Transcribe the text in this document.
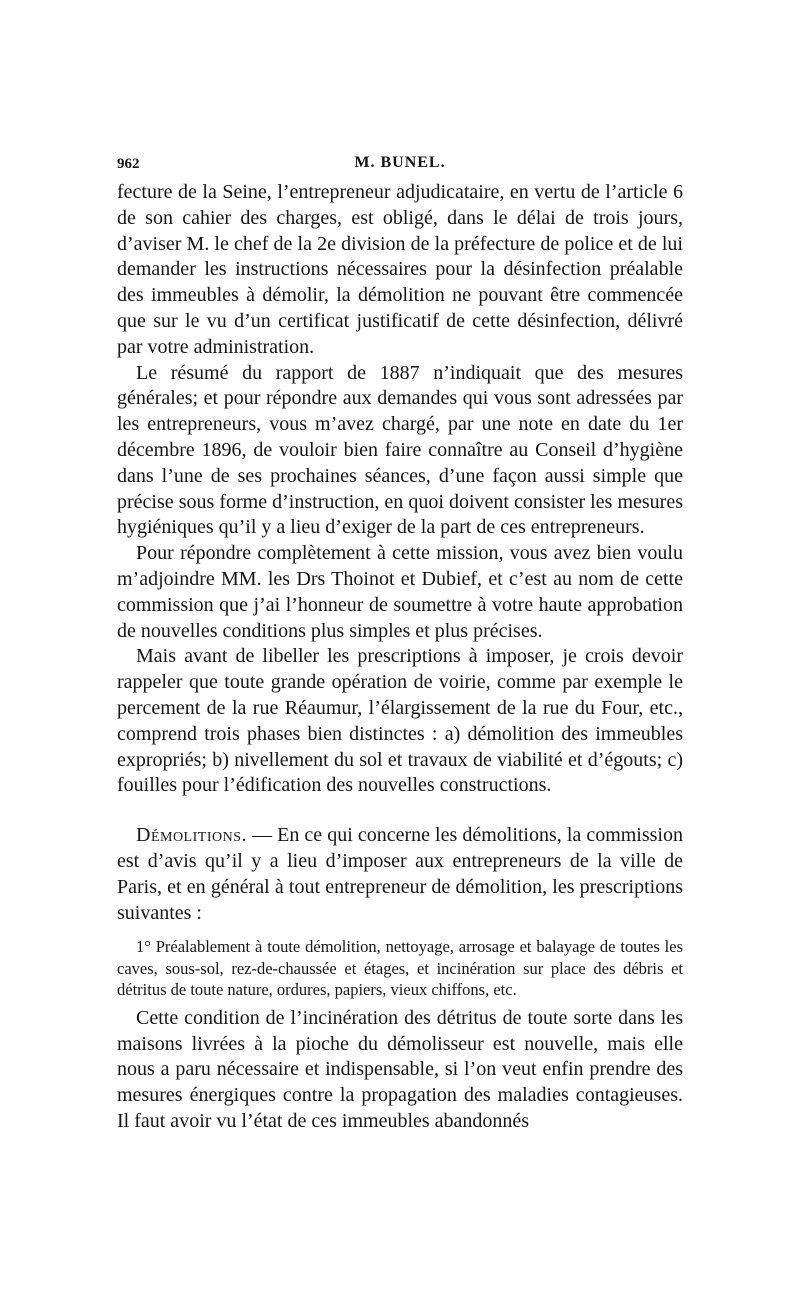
962	M. BUNEL.

fecture de la Seine, l’entrepreneur adjudicataire, en vertu de l’article 6 de son cahier des charges, est obligé, dans le délai de trois jours, d’aviser M. le chef de la 2e division de la préfecture de police et de lui demander les instructions nécessaires pour la désinfection préalable des immeubles à démolir, la démolition ne pouvant être commencée que sur le vu d’un certificat justificatif de cette désinfection, délivré par votre administration.

Le résumé du rapport de 1887 n’indiquait que des mesures générales; et pour répondre aux demandes qui vous sont adressées par les entrepreneurs, vous m’avez chargé, par une note en date du 1er décembre 1896, de vouloir bien faire connaître au Conseil d’hygiène dans l’une de ses prochaines séances, d’une façon aussi simple que précise sous forme d’instruction, en quoi doivent consister les mesures hygiéniques qu’il y a lieu d’exiger de la part de ces entrepreneurs.

Pour répondre complètement à cette mission, vous avez bien voulu m’adjoindre MM. les Drs Thoinot et Dubief, et c’est au nom de cette commission que j’ai l’honneur de soumettre à votre haute approbation de nouvelles conditions plus simples et plus précises.

Mais avant de libeller les prescriptions à imposer, je crois devoir rappeler que toute grande opération de voirie, comme par exemple le percement de la rue Réaumur, l’élargissement de la rue du Four, etc., comprend trois phases bien distinctes : a) démolition des immeubles expropriés; b) nivellement du sol et travaux de viabilité et d’égouts; c) fouilles pour l’édification des nouvelles constructions.

Démolitions. — En ce qui concerne les démolitions, la commission est d’avis qu’il y a lieu d’imposer aux entrepreneurs de la ville de Paris, et en général à tout entrepreneur de démolition, les prescriptions suivantes :

1° Préalablement à toute démolition, nettoyage, arrosage et balayage de toutes les caves, sous-sol, rez-de-chaussée et étages, et incinération sur place des débris et détritus de toute nature, ordures, papiers, vieux chiffons, etc.

Cette condition de l’incinération des détritus de toute sorte dans les maisons livrées à la pioche du démolisseur est nouvelle, mais elle nous a paru nécessaire et indispensable, si l’on veut enfin prendre des mesures énergiques contre la propagation des maladies contagieuses. Il faut avoir vu l’état de ces immeubles abandonnés
